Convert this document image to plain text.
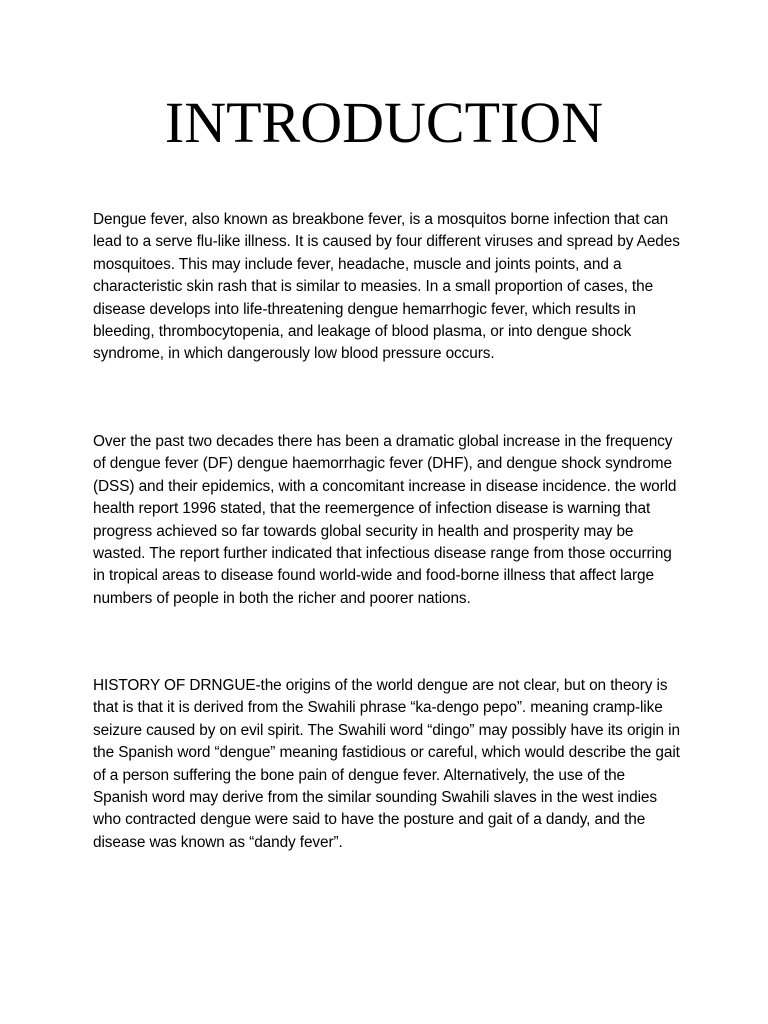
INTRODUCTION

Dengue fever, also known as breakbone fever, is a mosquitos borne infection that can lead to a serve flu-like illness. It is caused by four different viruses and spread by Aedes mosquitoes. This may include fever, headache, muscle and joints points, and a characteristic skin rash that is similar to measies. In a small proportion of cases, the disease develops into life-threatening dengue hemarrhogic fever, which results in bleeding, thrombocytopenia, and leakage of blood plasma, or into dengue shock syndrome, in which dangerously low blood pressure occurs.

Over the past two decades there has been a dramatic global increase in the frequency of dengue fever (DF) dengue haemorrhagic fever (DHF), and dengue shock syndrome (DSS) and their epidemics, with a concomitant increase in disease incidence. the world health report 1996 stated, that the reemergence of infection disease is warning that progress achieved so far towards global security in health and prosperity may be wasted. The report further indicated that infectious disease range from those occurring in tropical areas to disease found world-wide and food-borne illness that affect large numbers of people in both the richer and poorer nations.

HISTORY OF DRNGUE-the origins of the world dengue are not clear, but on theory is that is that it is derived from the Swahili phrase “ka-dengo pepo”. meaning cramp-like seizure caused by on evil spirit. The Swahili word “dingo” may possibly have its origin in the Spanish word “dengue” meaning fastidious or careful, which would describe the gait of a person suffering the bone pain of dengue fever. Alternatively, the use of the Spanish word may derive from the similar sounding Swahili slaves in the west indies who contracted dengue were said to have the posture and gait of a dandy, and the disease was known as “dandy fever”.
